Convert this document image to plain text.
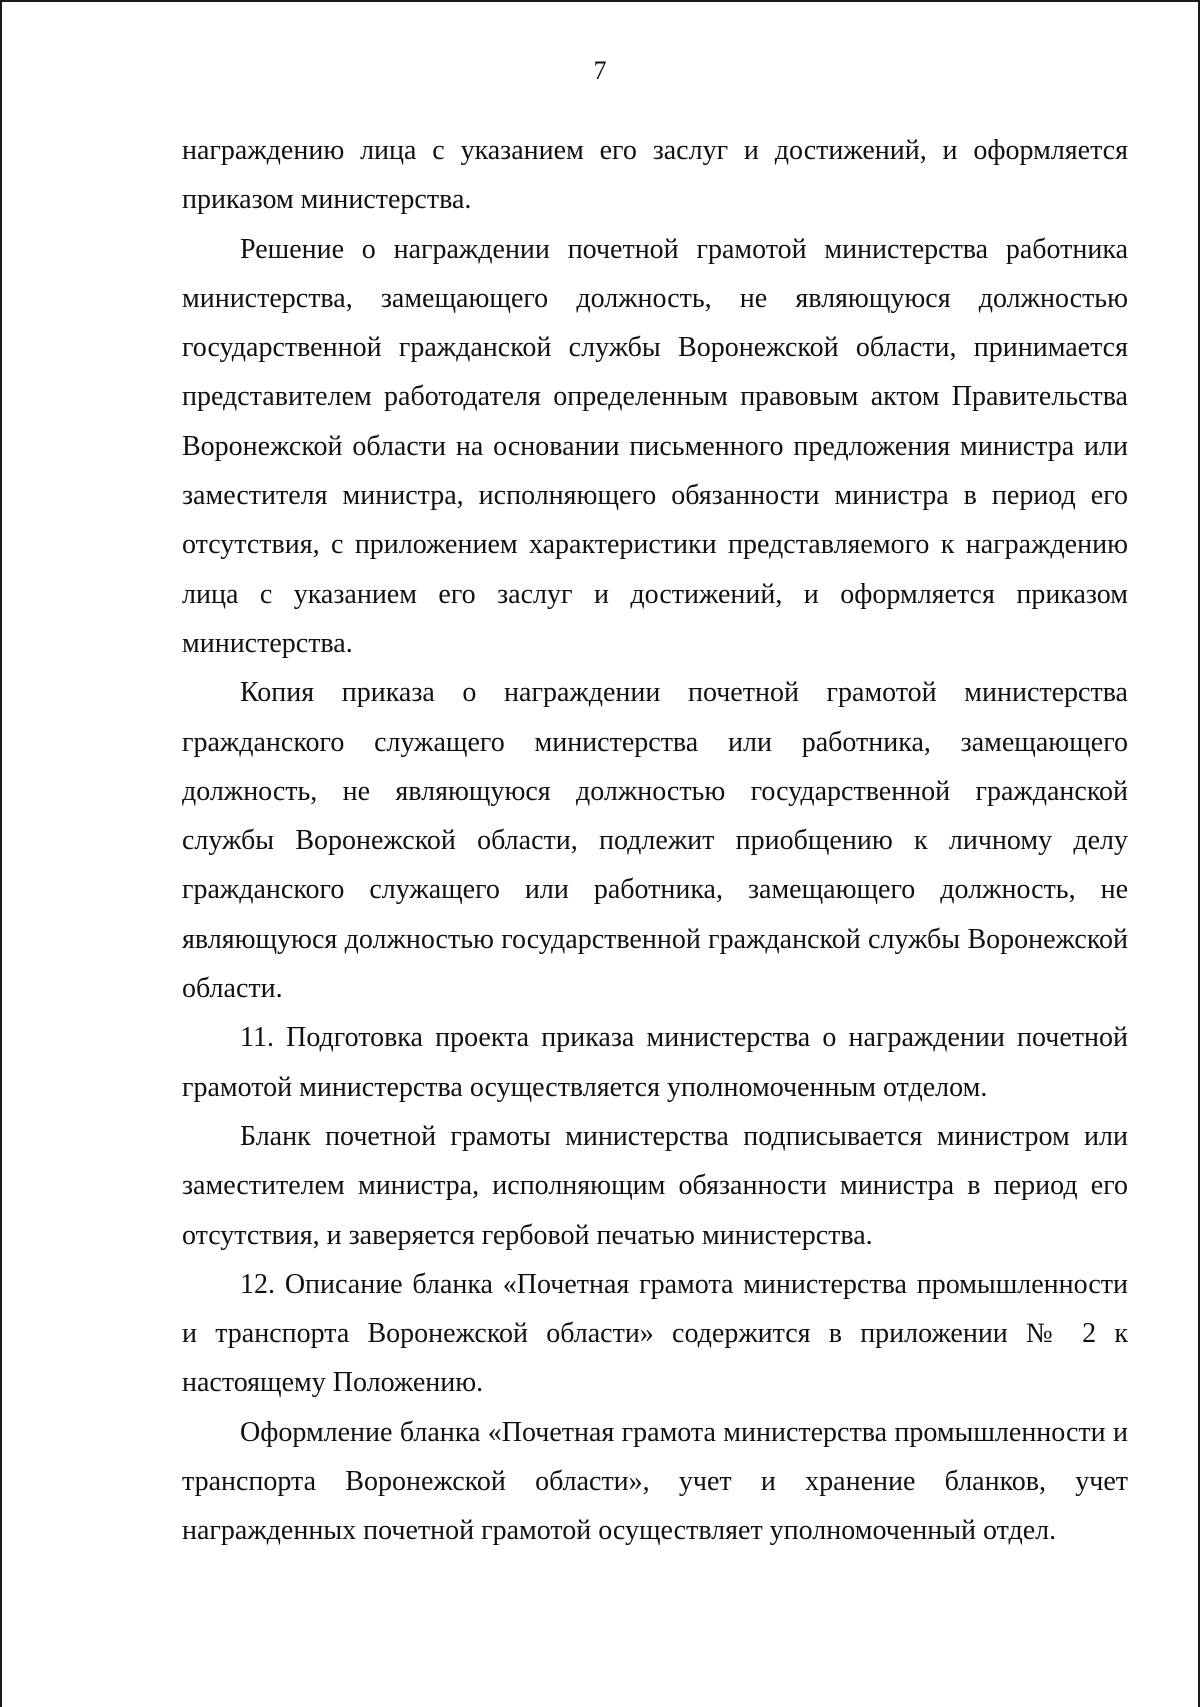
7

награждению лица с указанием его заслуг и достижений, и оформляется приказом министерства.

Решение о награждении почетной грамотой министерства работника министерства, замещающего должность, не являющуюся должностью государственной гражданской службы Воронежской области, принимается представителем работодателя определенным правовым актом Правительства Воронежской области на основании письменного предложения министра или заместителя министра, исполняющего обязанности министра в период его отсутствия, с приложением характеристики представляемого к награждению лица с указанием его заслуг и достижений, и оформляется приказом министерства.

Копия приказа о награждении почетной грамотой министерства гражданского служащего министерства или работника, замещающего должность, не являющуюся должностью государственной гражданской службы Воронежской области, подлежит приобщению к личному делу гражданского служащего или работника, замещающего должность, не являющуюся должностью государственной гражданской службы Воронежской области.

11. Подготовка проекта приказа министерства о награждении почетной грамотой министерства осуществляется уполномоченным отделом.

Бланк почетной грамоты министерства подписывается министром или заместителем министра, исполняющим обязанности министра в период его отсутствия, и заверяется гербовой печатью министерства.

12. Описание бланка «Почетная грамота министерства промышленности и транспорта Воронежской области» содержится в приложении № 2 к настоящему Положению.

Оформление бланка «Почетная грамота министерства промышленности и транспорта Воронежской области», учет и хранение бланков, учет награжденных почетной грамотой осуществляет уполномоченный отдел.
